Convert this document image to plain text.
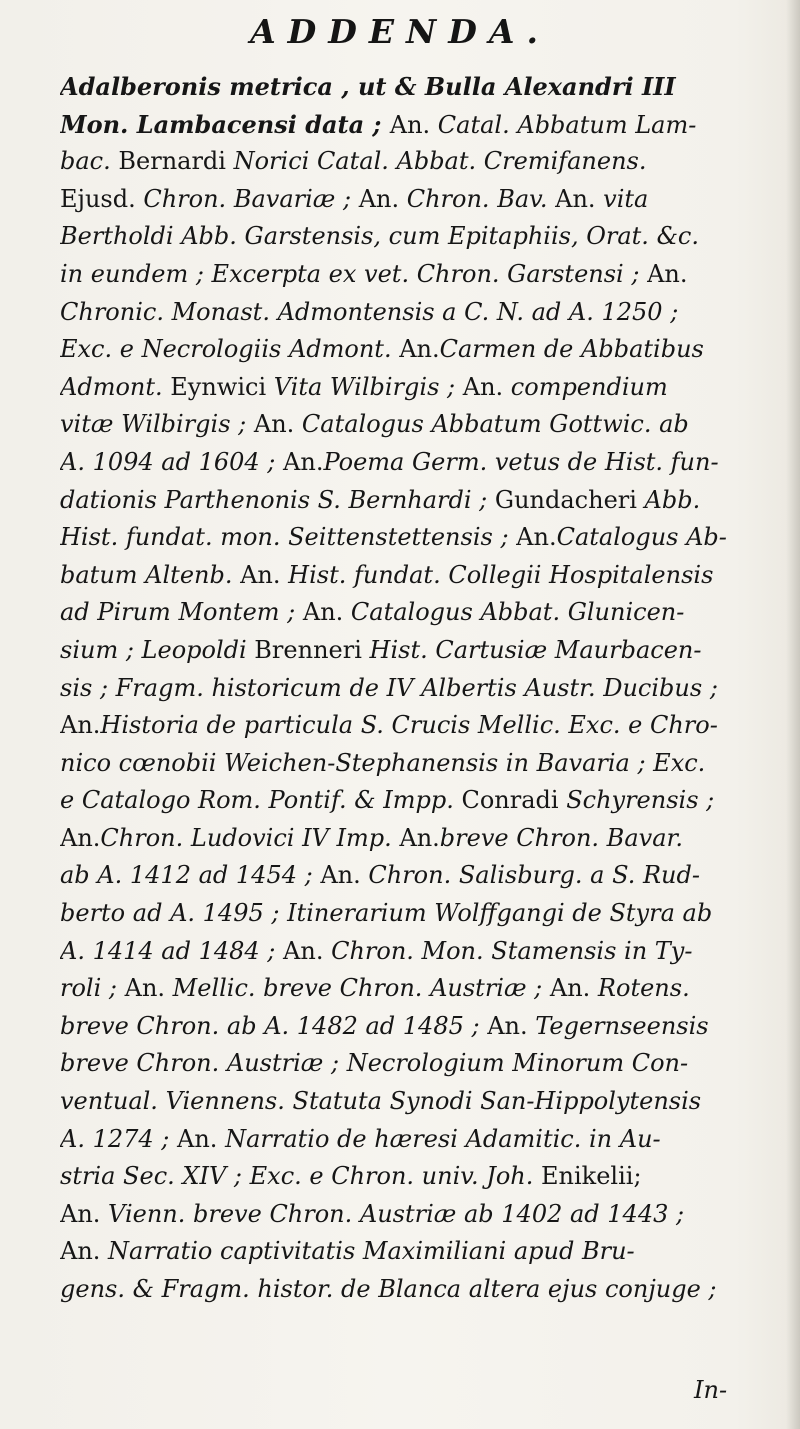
ADDENDA.
Adalberonis metrica , ut & Bulla Alexandri III
Mon. Lambacensi data ; An. Catal. Abbatum Lam-
bac. Bernardi Norici Catal. Abbat. Cremifanens.
Ejusd. Chron. Bavariæ ; An. Chron. Bav. An. vita
Bertholdi Abb. Garstensis, cum Epitaphiis, Orat. &c.
in eundem ; Excerpta ex vet. Chron. Garstensi ; An.
Chronic. Monast. Admontensis a C. N. ad A. 1250 ;
Exc. e Necrologiis Admont. An.Carmen de Abbatibus
Admont. Eynwici Vita Wilbirgis ; An. compendium
vitæ Wilbirgis ; An. Catalogus Abbatum Gottwic. ab
A. 1094 ad 1604 ; An.Poema Germ. vetus de Hist. fun-
dationis Parthenonis S. Bernhardi ; Gundacheri Abb.
Hist. fundat. mon. Seittenstettensis ; An.Catalogus Ab-
batum Altenb. An. Hist. fundat. Collegii Hospitalensis
ad Pirum Montem ; An. Catalogus Abbat. Glunicen-
sium ; Leopoldi Brenneri Hist. Cartusiæ Maurbacen-
sis ; Fragm. historicum de IV Albertis Austr. Ducibus ;
An.Historia de particula S. Crucis Mellic. Exc. e Chro-
nico cœnobii Weichen-Stephanensis in Bavaria ; Exc.
e Catalogo Rom. Pontif. & Impp. Conradi Schyrensis ;
An.Chron. Ludovici IV Imp. An.breve Chron. Bavar.
ab A. 1412 ad 1454 ; An. Chron. Salisburg. a S. Rud-
berto ad A. 1495 ; Itinerarium Wolffgangi de Styra ab
A. 1414 ad 1484 ; An. Chron. Mon. Stamensis in Ty-
roli ; An. Mellic. breve Chron. Austriæ ; An. Rotens.
breve Chron. ab A. 1482 ad 1485 ; An. Tegernseensis
breve Chron. Austriæ ; Necrologium Minorum Con-
ventual. Viennens. Statuta Synodi San-Hippolytensis
A. 1274 ; An. Narratio de hæresi Adamitic. in Au-
stria Sec. XIV ; Exc. e Chron. univ. Joh. Enikelii;
An. Vienn. breve Chron. Austriæ ab 1402 ad 1443 ;
An. Narratio captivitatis Maximiliani apud Bru-
gens. & Fragm. histor. de Blanca altera ejus conjuge ;
In-
